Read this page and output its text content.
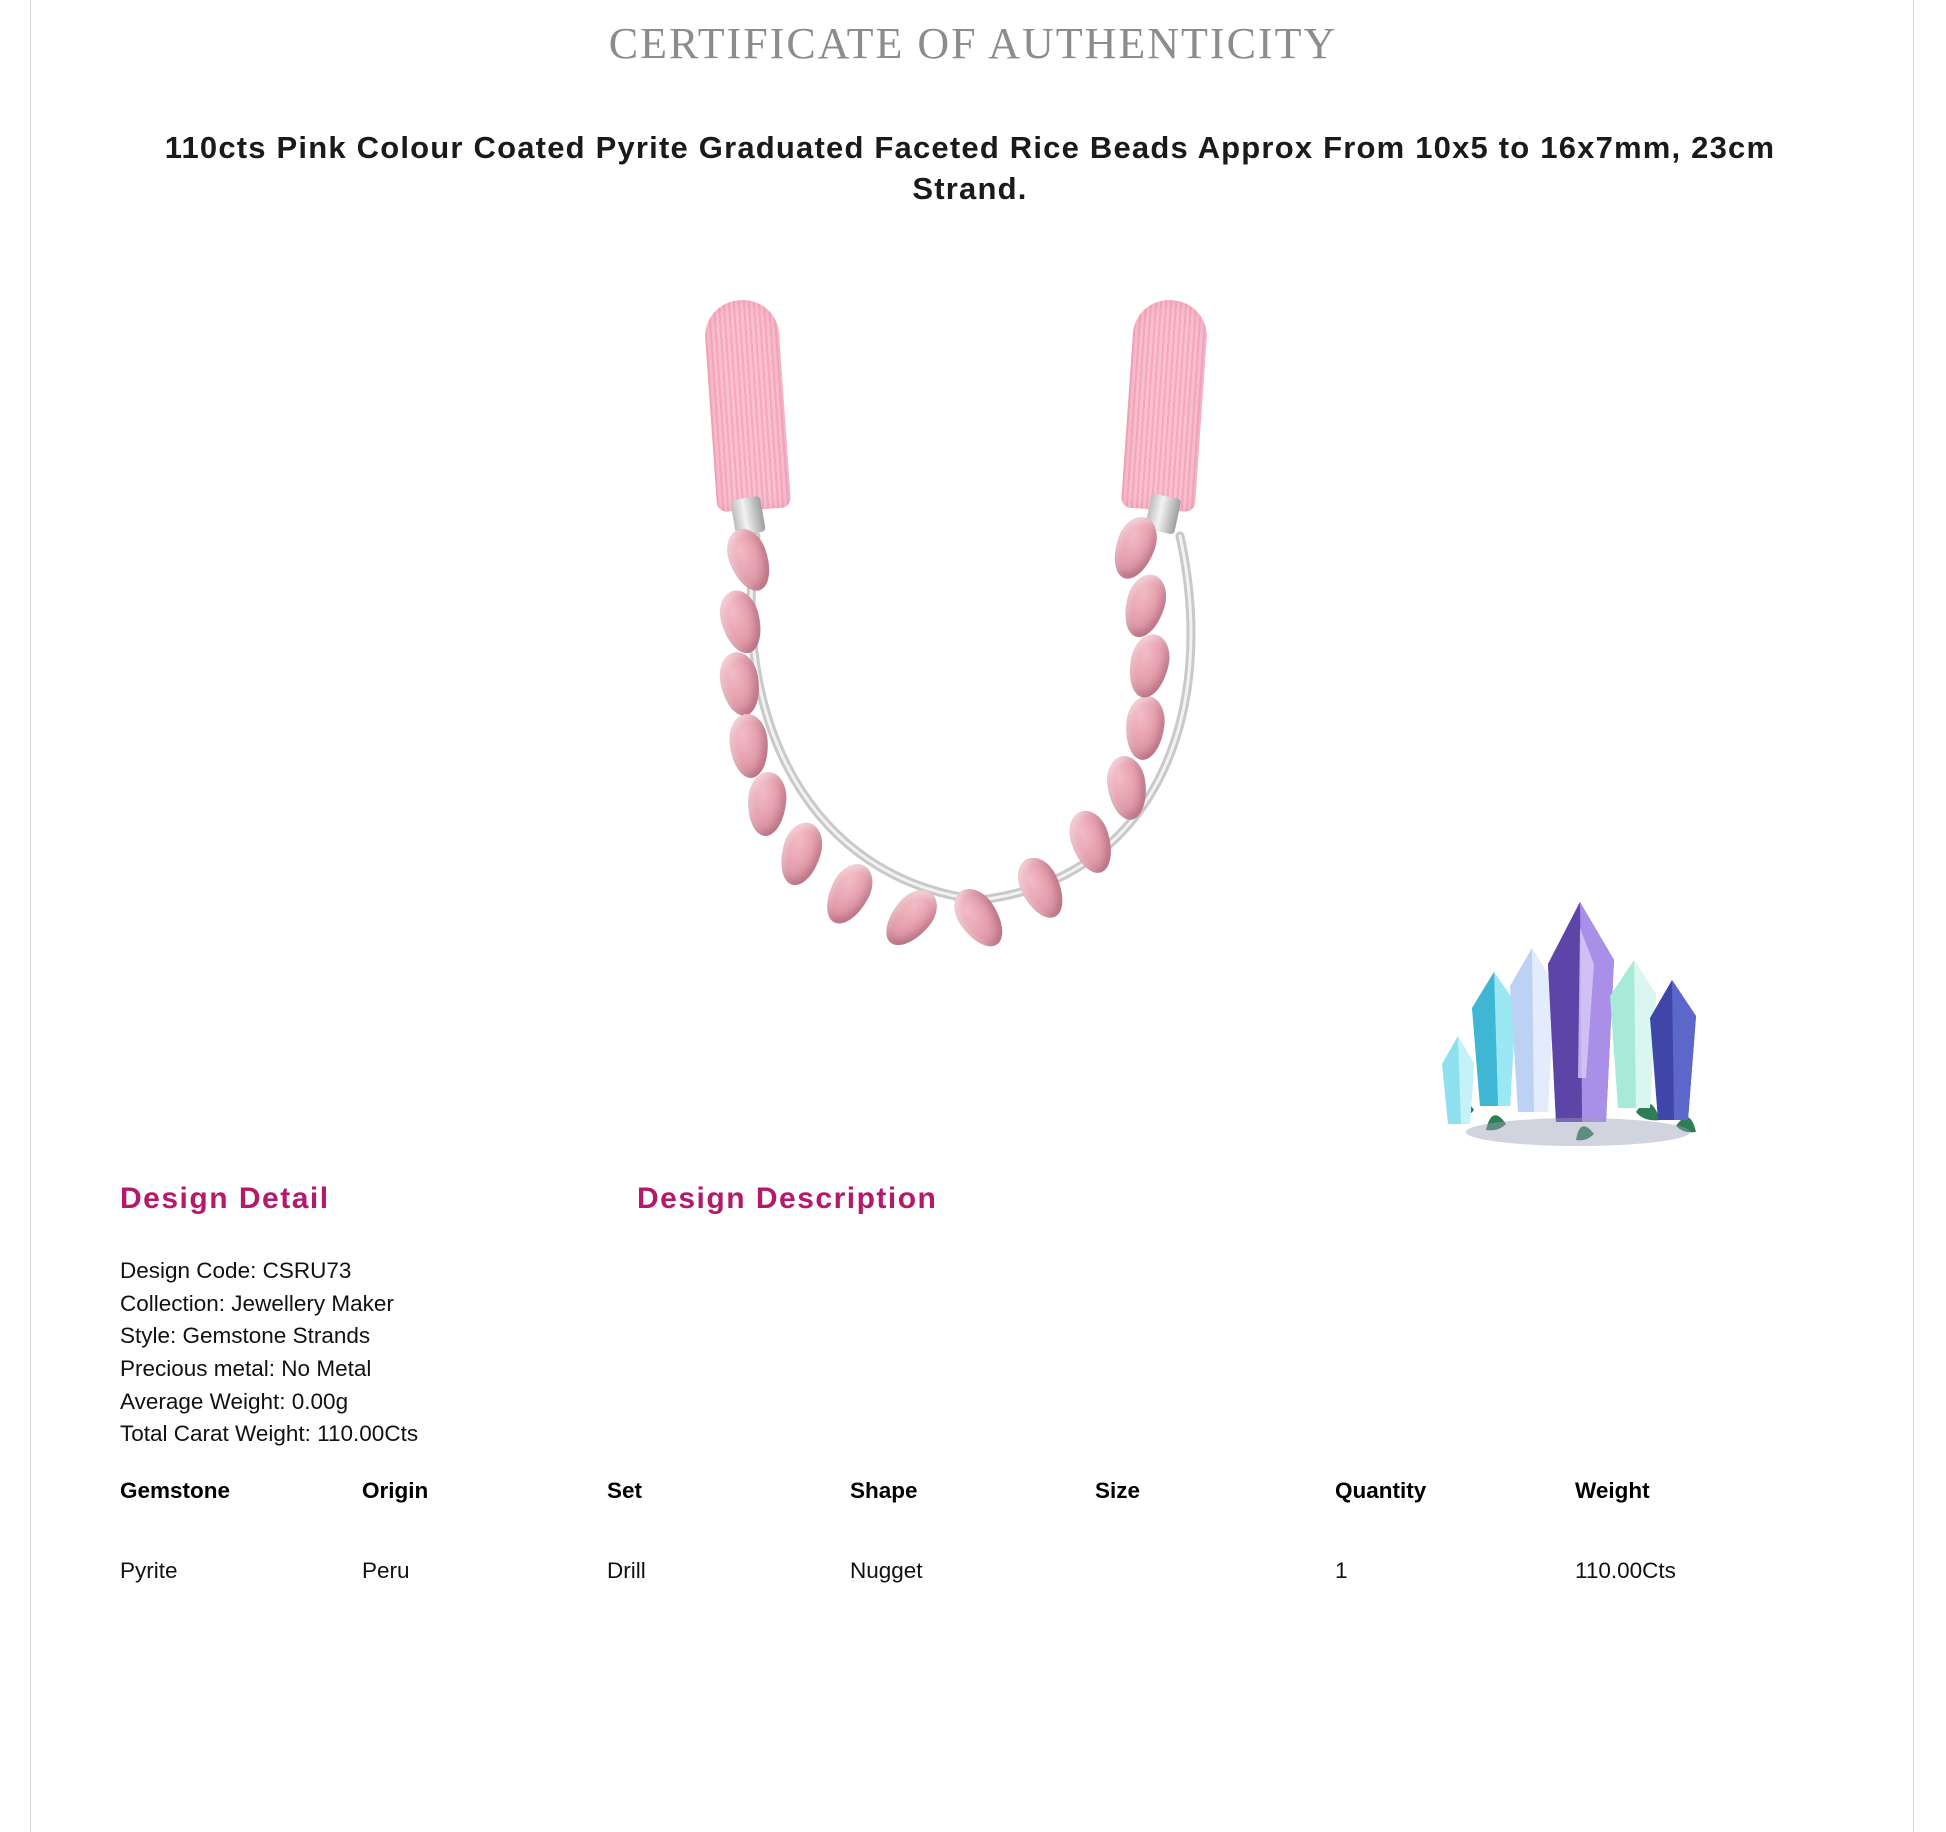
CERTIFICATE OF AUTHENTICITY
110cts Pink Colour Coated Pyrite Graduated Faceted Rice Beads Approx From 10x5 to 16x7mm, 23cm Strand.
Design Detail	Design Description
Design Code: CSRU73
Collection: Jewellery Maker
Style: Gemstone Strands
Precious metal: No Metal
Average Weight: 0.00g
Total Carat Weight: 110.00Cts
Gemstone	Origin	Set	Shape	Size	Quantity	Weight
Pyrite	Peru	Drill	Nugget		1	110.00Cts
